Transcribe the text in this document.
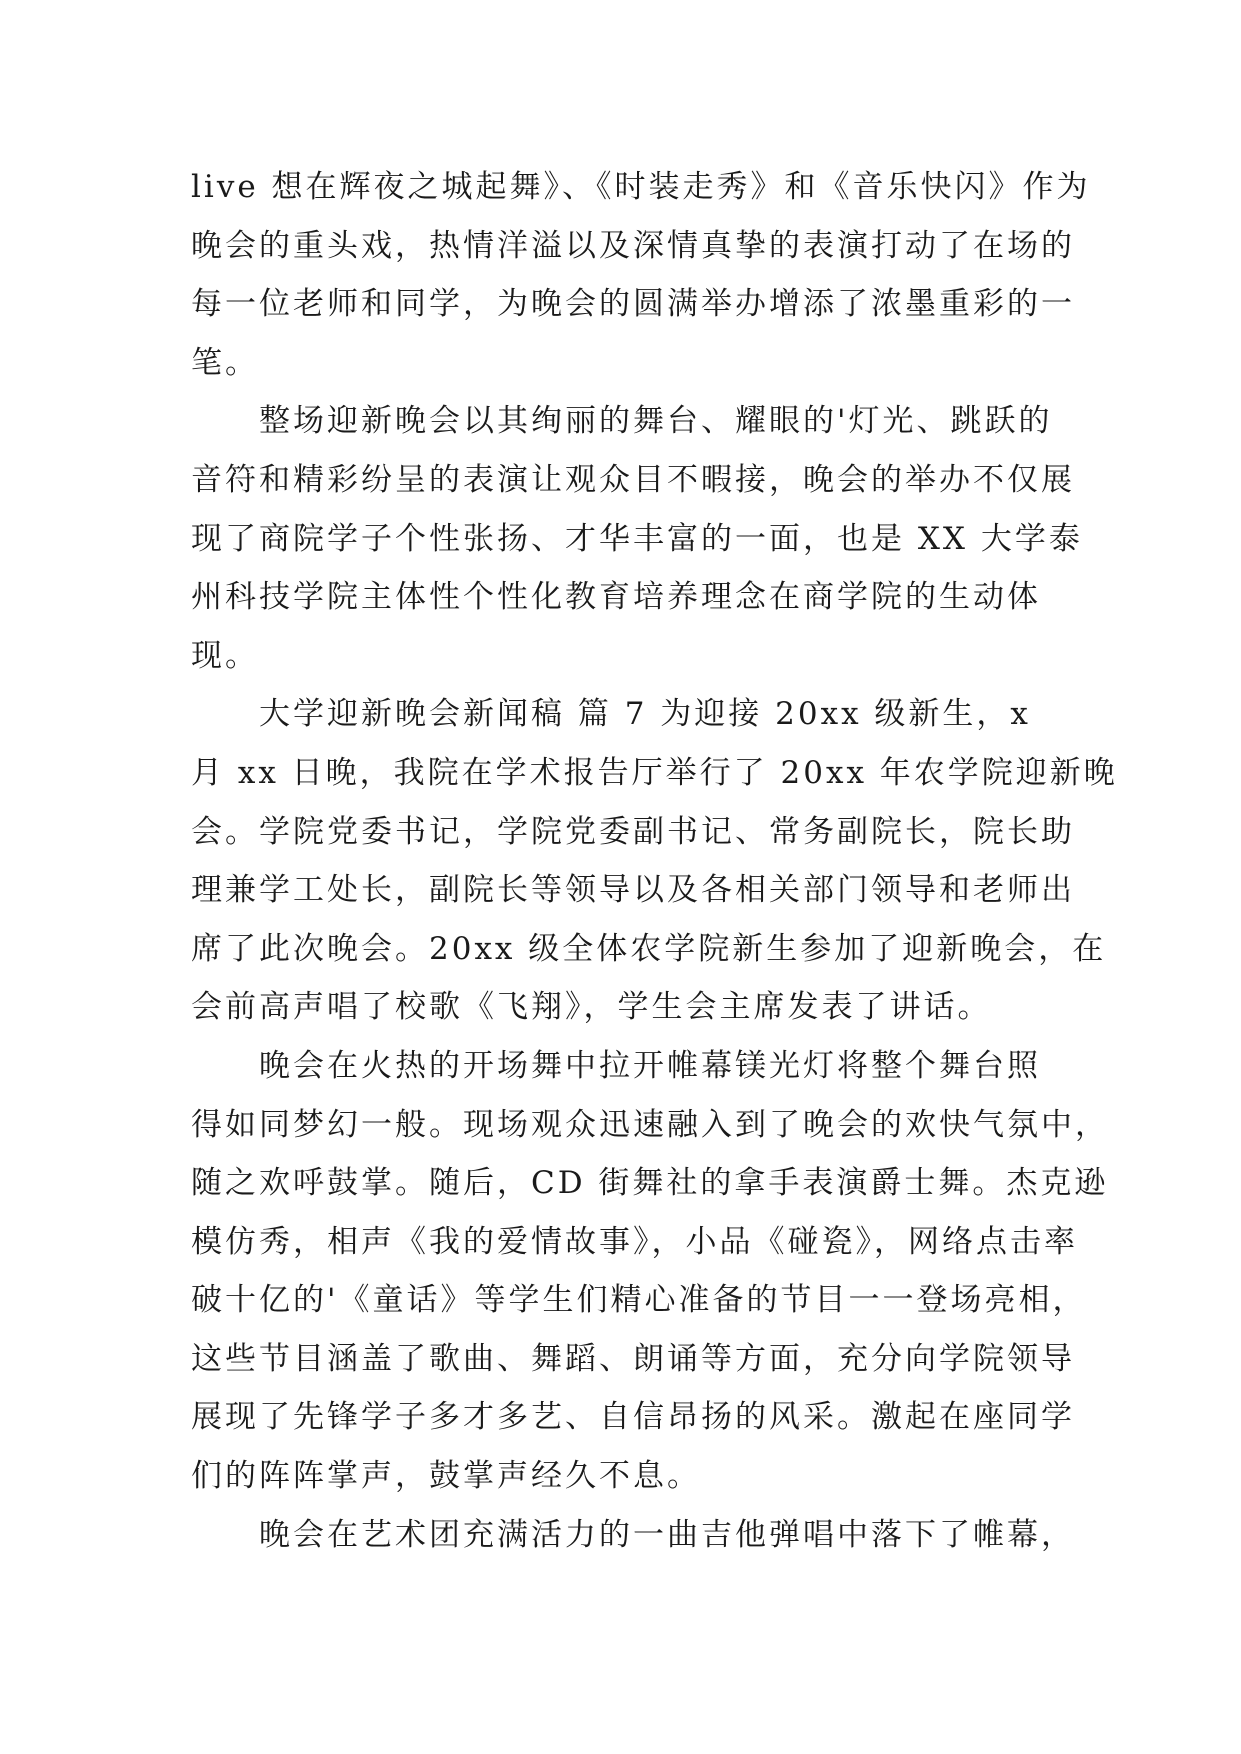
live 想在辉夜之城起舞》、《时装走秀》和《音乐快闪》作为
晚会的重头戏，热情洋溢以及深情真挚的表演打动了在场的
每一位老师和同学，为晚会的圆满举办增添了浓墨重彩的一
笔。
整场迎新晚会以其绚丽的舞台、耀眼的'灯光、跳跃的
音符和精彩纷呈的表演让观众目不暇接，晚会的举办不仅展
现了商院学子个性张扬、才华丰富的一面，也是 XX 大学泰
州科技学院主体性个性化教育培养理念在商学院的生动体
现。
大学迎新晚会新闻稿 篇 7 为迎接 20xx 级新生，x
月 xx 日晚，我院在学术报告厅举行了 20xx 年农学院迎新晚
会。学院党委书记，学院党委副书记、常务副院长，院长助
理兼学工处长，副院长等领导以及各相关部门领导和老师出
席了此次晚会。20xx 级全体农学院新生参加了迎新晚会，在
会前高声唱了校歌《飞翔》，学生会主席发表了讲话。
晚会在火热的开场舞中拉开帷幕镁光灯将整个舞台照
得如同梦幻一般。现场观众迅速融入到了晚会的欢快气氛中，
随之欢呼鼓掌。随后，CD 街舞社的拿手表演爵士舞。杰克逊
模仿秀，相声《我的爱情故事》，小品《碰瓷》，网络点击率
破十亿的'《童话》等学生们精心准备的节目一一登场亮相，
这些节目涵盖了歌曲、舞蹈、朗诵等方面，充分向学院领导
展现了先锋学子多才多艺、自信昂扬的风采。激起在座同学
们的阵阵掌声，鼓掌声经久不息。
晚会在艺术团充满活力的一曲吉他弹唱中落下了帷幕，
